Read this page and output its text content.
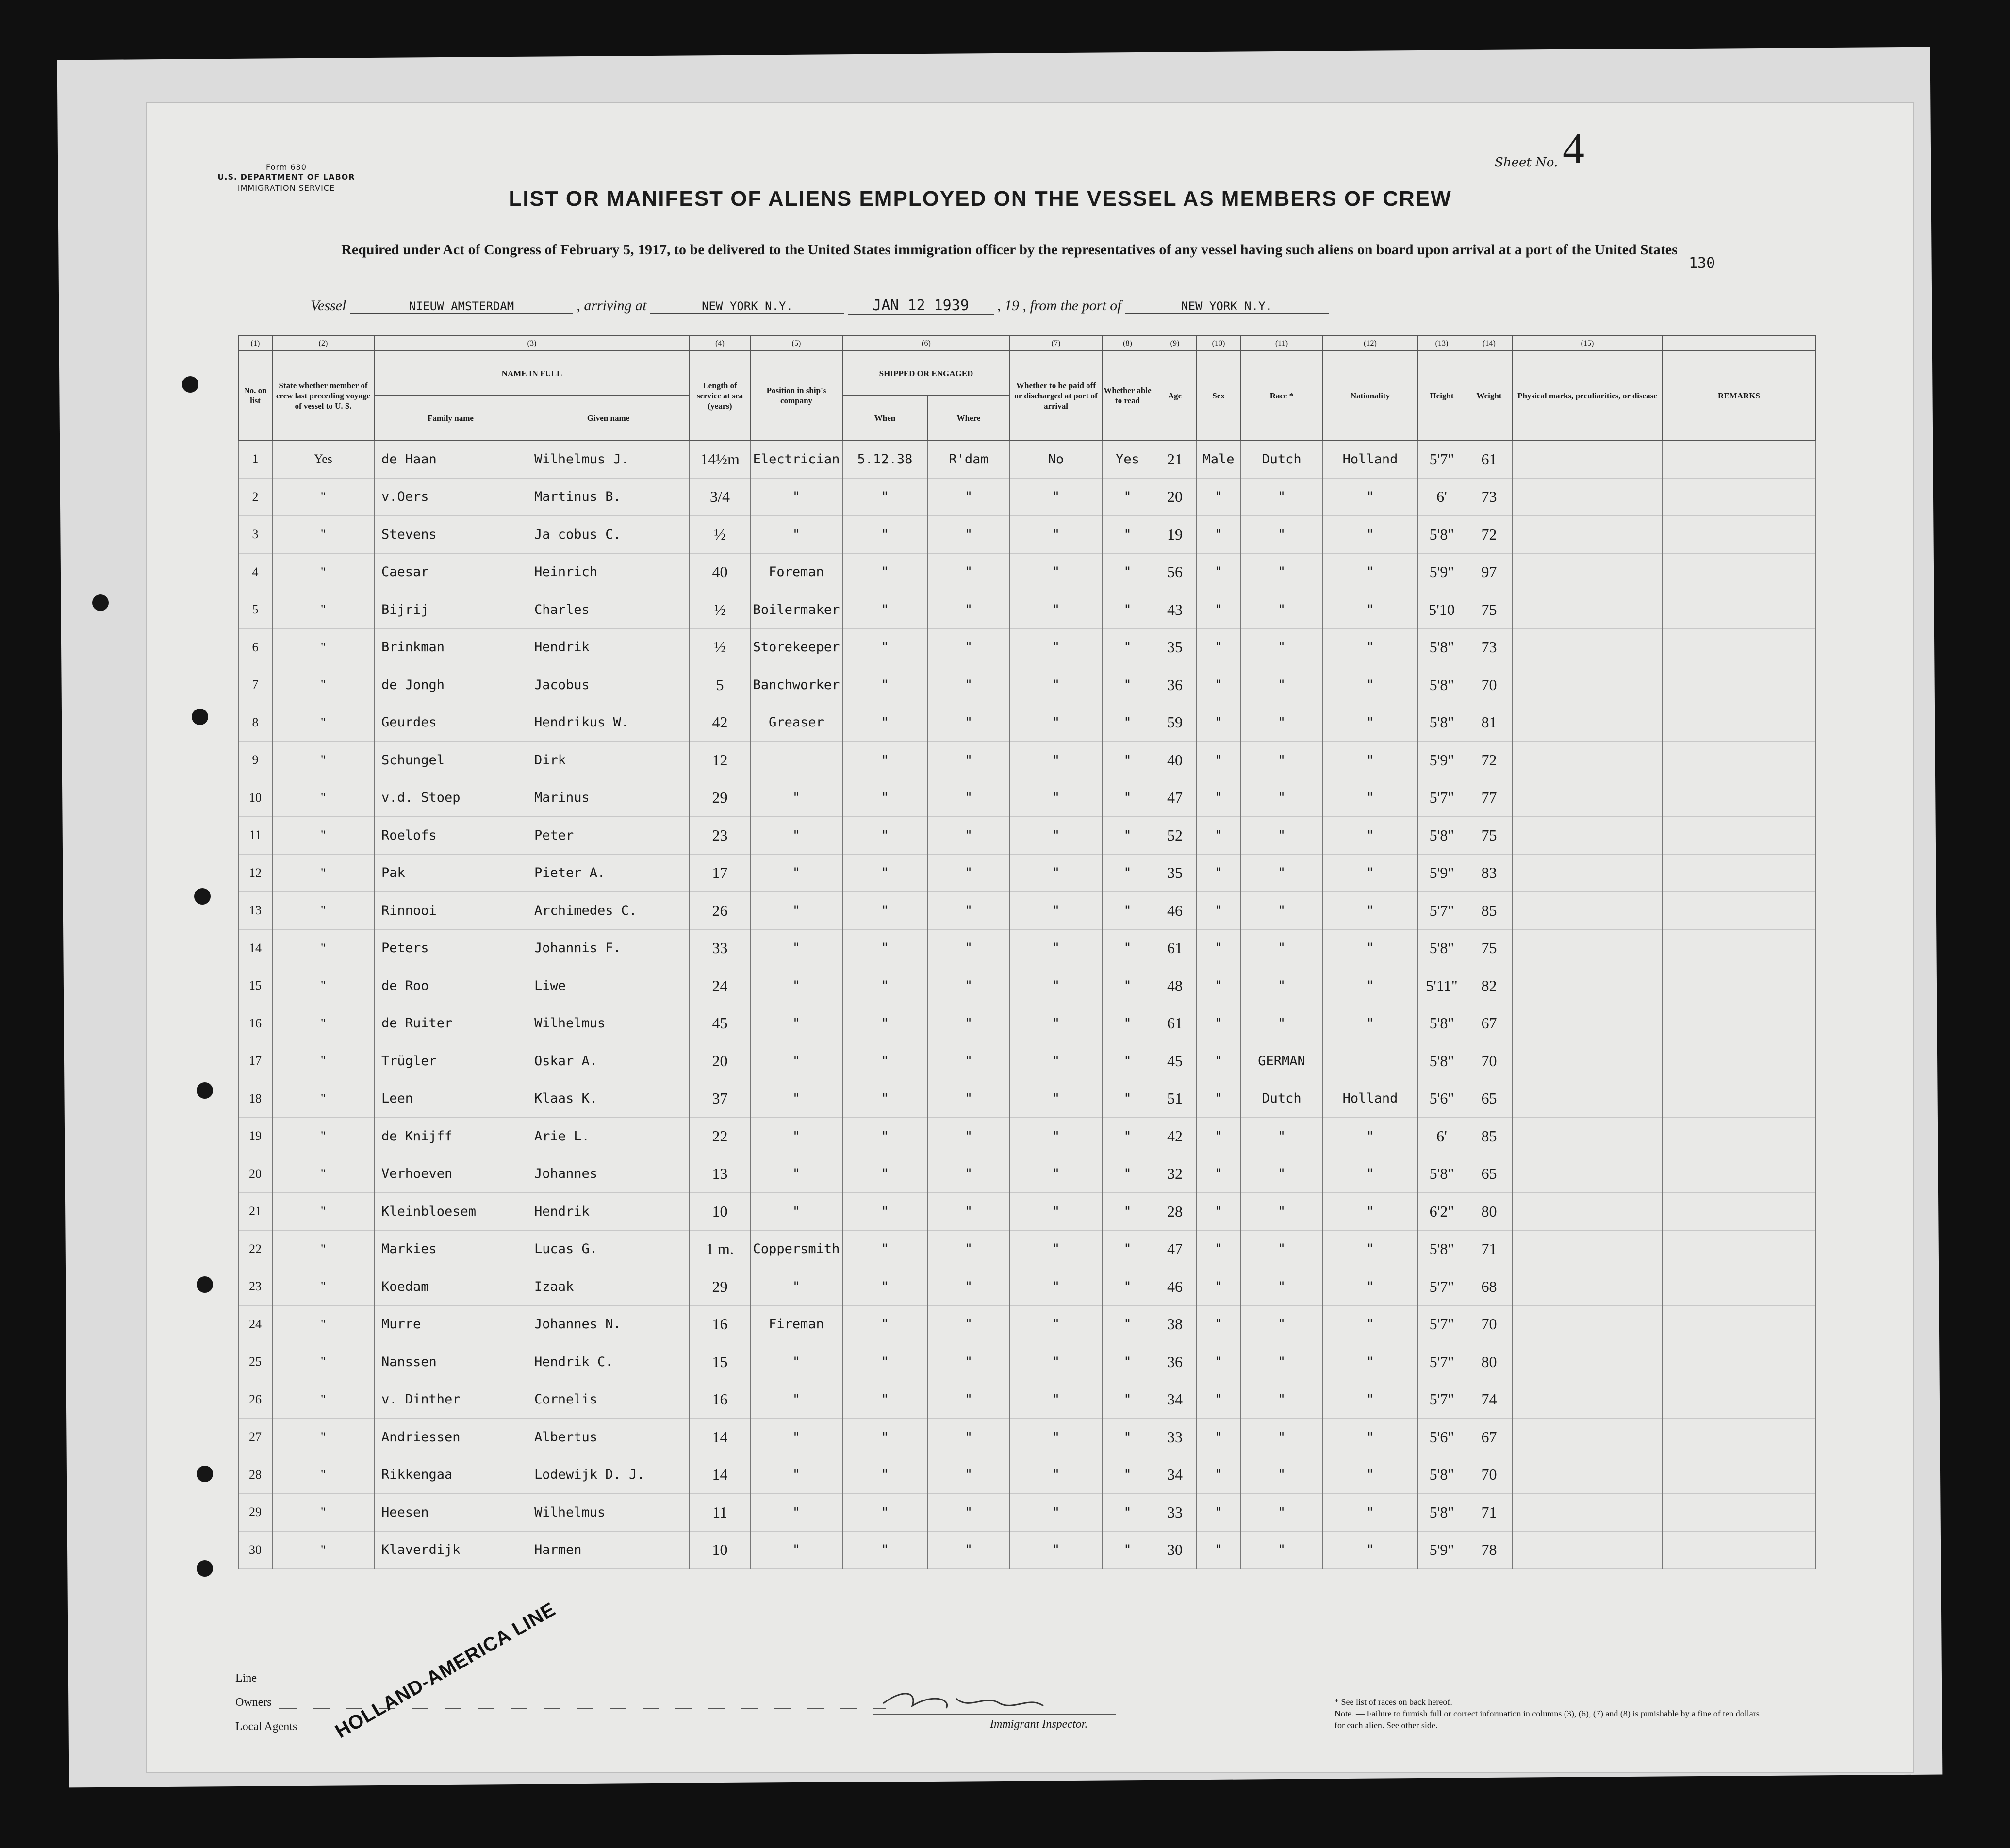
Form 680
U.S. DEPARTMENT OF LABOR
IMMIGRATION SERVICE
Sheet No. 4
130
LIST OR MANIFEST OF ALIENS EMPLOYED ON THE VESSEL AS MEMBERS OF CREW
Required under Act of Congress of February 5, 1917, to be delivered to the United States immigration officer by the representatives of any vessel having such aliens on board upon arrival at a port of the United States
Vessel	NIEUW AMSTERDAM	, arriving at	NEW YORK N.Y.	JAN 12 1939 , 19 , from the port of	NEW YORK N.Y.
(1)	(2)	(3)		(4)	(5)	(6)		(7)	(8)	(9)	(10)	(11)	(12)	(13)	(14)	(15)	
No. on list	State whether member of crew last preceding voyage of vessel to U. S.	NAME IN FULL		Length of service at sea (years)	Position in ship's company	SHIPPED OR ENGAGED		Whether to be paid off or discharged at port of arrival	Whether able to read	Age	Sex	Race *	Nationality	Height	Weight	Physical marks, peculiarities, or disease	REMARKS
		Family name	Given name			When	Where										
1	Yes	de Haan	Wilhelmus J.	14½m	Electrician	5.12.38	R'dam	No	Yes	21	Male	Dutch	Holland	5'7"	61		
2	"	v.Oers	Martinus B.	3/4	"	"	"	"	"	20	"	"	"	6'	73		
3	"	Stevens	Ja cobus C.	½	"	"	"	"	"	19	"	"	"	5'8"	72		
4	"	Caesar	Heinrich	40	Foreman	"	"	"	"	56	"	"	"	5'9"	97		
5	"	Bijrij	Charles	½	Boilermaker	"	"	"	"	43	"	"	"	5'10	75		
6	"	Brinkman	Hendrik	½	Storekeeper	"	"	"	"	35	"	"	"	5'8"	73		
7	"	de Jongh	Jacobus	5	Banchworker	"	"	"	"	36	"	"	"	5'8"	70		
8	"	Geurdes	Hendrikus W.	42	Greaser	"	"	"	"	59	"	"	"	5'8"	81		
9	"	Schungel	Dirk	12		"	"	"	"	40	"	"	"	5'9"	72		
10	"	v.d. Stoep	Marinus	29	"	"	"	"	"	47	"	"	"	5'7"	77		
11	"	Roelofs	Peter	23	"	"	"	"	"	52	"	"	"	5'8"	75		
12	"	Pak	Pieter A.	17	"	"	"	"	"	35	"	"	"	5'9"	83		
13	"	Rinnooi	Archimedes C.	26	"	"	"	"	"	46	"	"	"	5'7"	85		
14	"	Peters	Johannis F.	33	"	"	"	"	"	61	"	"	"	5'8"	75		
15	"	de Roo	Liwe	24	"	"	"	"	"	48	"	"	"	5'11"	82		
16	"	de Ruiter	Wilhelmus	45	"	"	"	"	"	61	"	"	"	5'8"	67		
17	"	Trügler	Oskar A.	20	"	"	"	"	"	45	"	GERMAN		5'8"	70		
18	"	Leen	Klaas K.	37	"	"	"	"	"	51	"	Dutch	Holland	5'6"	65		
19	"	de Knijff	Arie L.	22	"	"	"	"	"	42	"	"	"	6'	85		
20	"	Verhoeven	Johannes	13	"	"	"	"	"	32	"	"	"	5'8"	65		
21	"	Kleinbloesem	Hendrik	10	"	"	"	"	"	28	"	"	"	6'2"	80		
22	"	Markies	Lucas G.	1 m.	Coppersmith	"	"	"	"	47	"	"	"	5'8"	71		
23	"	Koedam	Izaak	29	"	"	"	"	"	46	"	"	"	5'7"	68		
24	"	Murre	Johannes N.	16	Fireman	"	"	"	"	38	"	"	"	5'7"	70		
25	"	Nanssen	Hendrik C.	15	"	"	"	"	"	36	"	"	"	5'7"	80		
26	"	v. Dinther	Cornelis	16	"	"	"	"	"	34	"	"	"	5'7"	74		
27	"	Andriessen	Albertus	14	"	"	"	"	"	33	"	"	"	5'6"	67		
28	"	Rikkengaa	Lodewijk D. J.	14	"	"	"	"	"	34	"	"	"	5'8"	70		
29	"	Heesen	Wilhelmus	11	"	"	"	"	"	33	"	"	"	5'8"	71		
30	"	Klaverdijk	Harmen	10	"	"	"	"	"	30	"	"	"	5'9"	78		
Line
Owners
Local Agents HOLLAND-AMERICA LINE	Immigrant Inspector.
* See list of races on back hereof.
Note. — Failure to furnish full or correct information in columns (3), (6), (7) and (8) is punishable by a fine of ten dollars for each alien. See other side.
